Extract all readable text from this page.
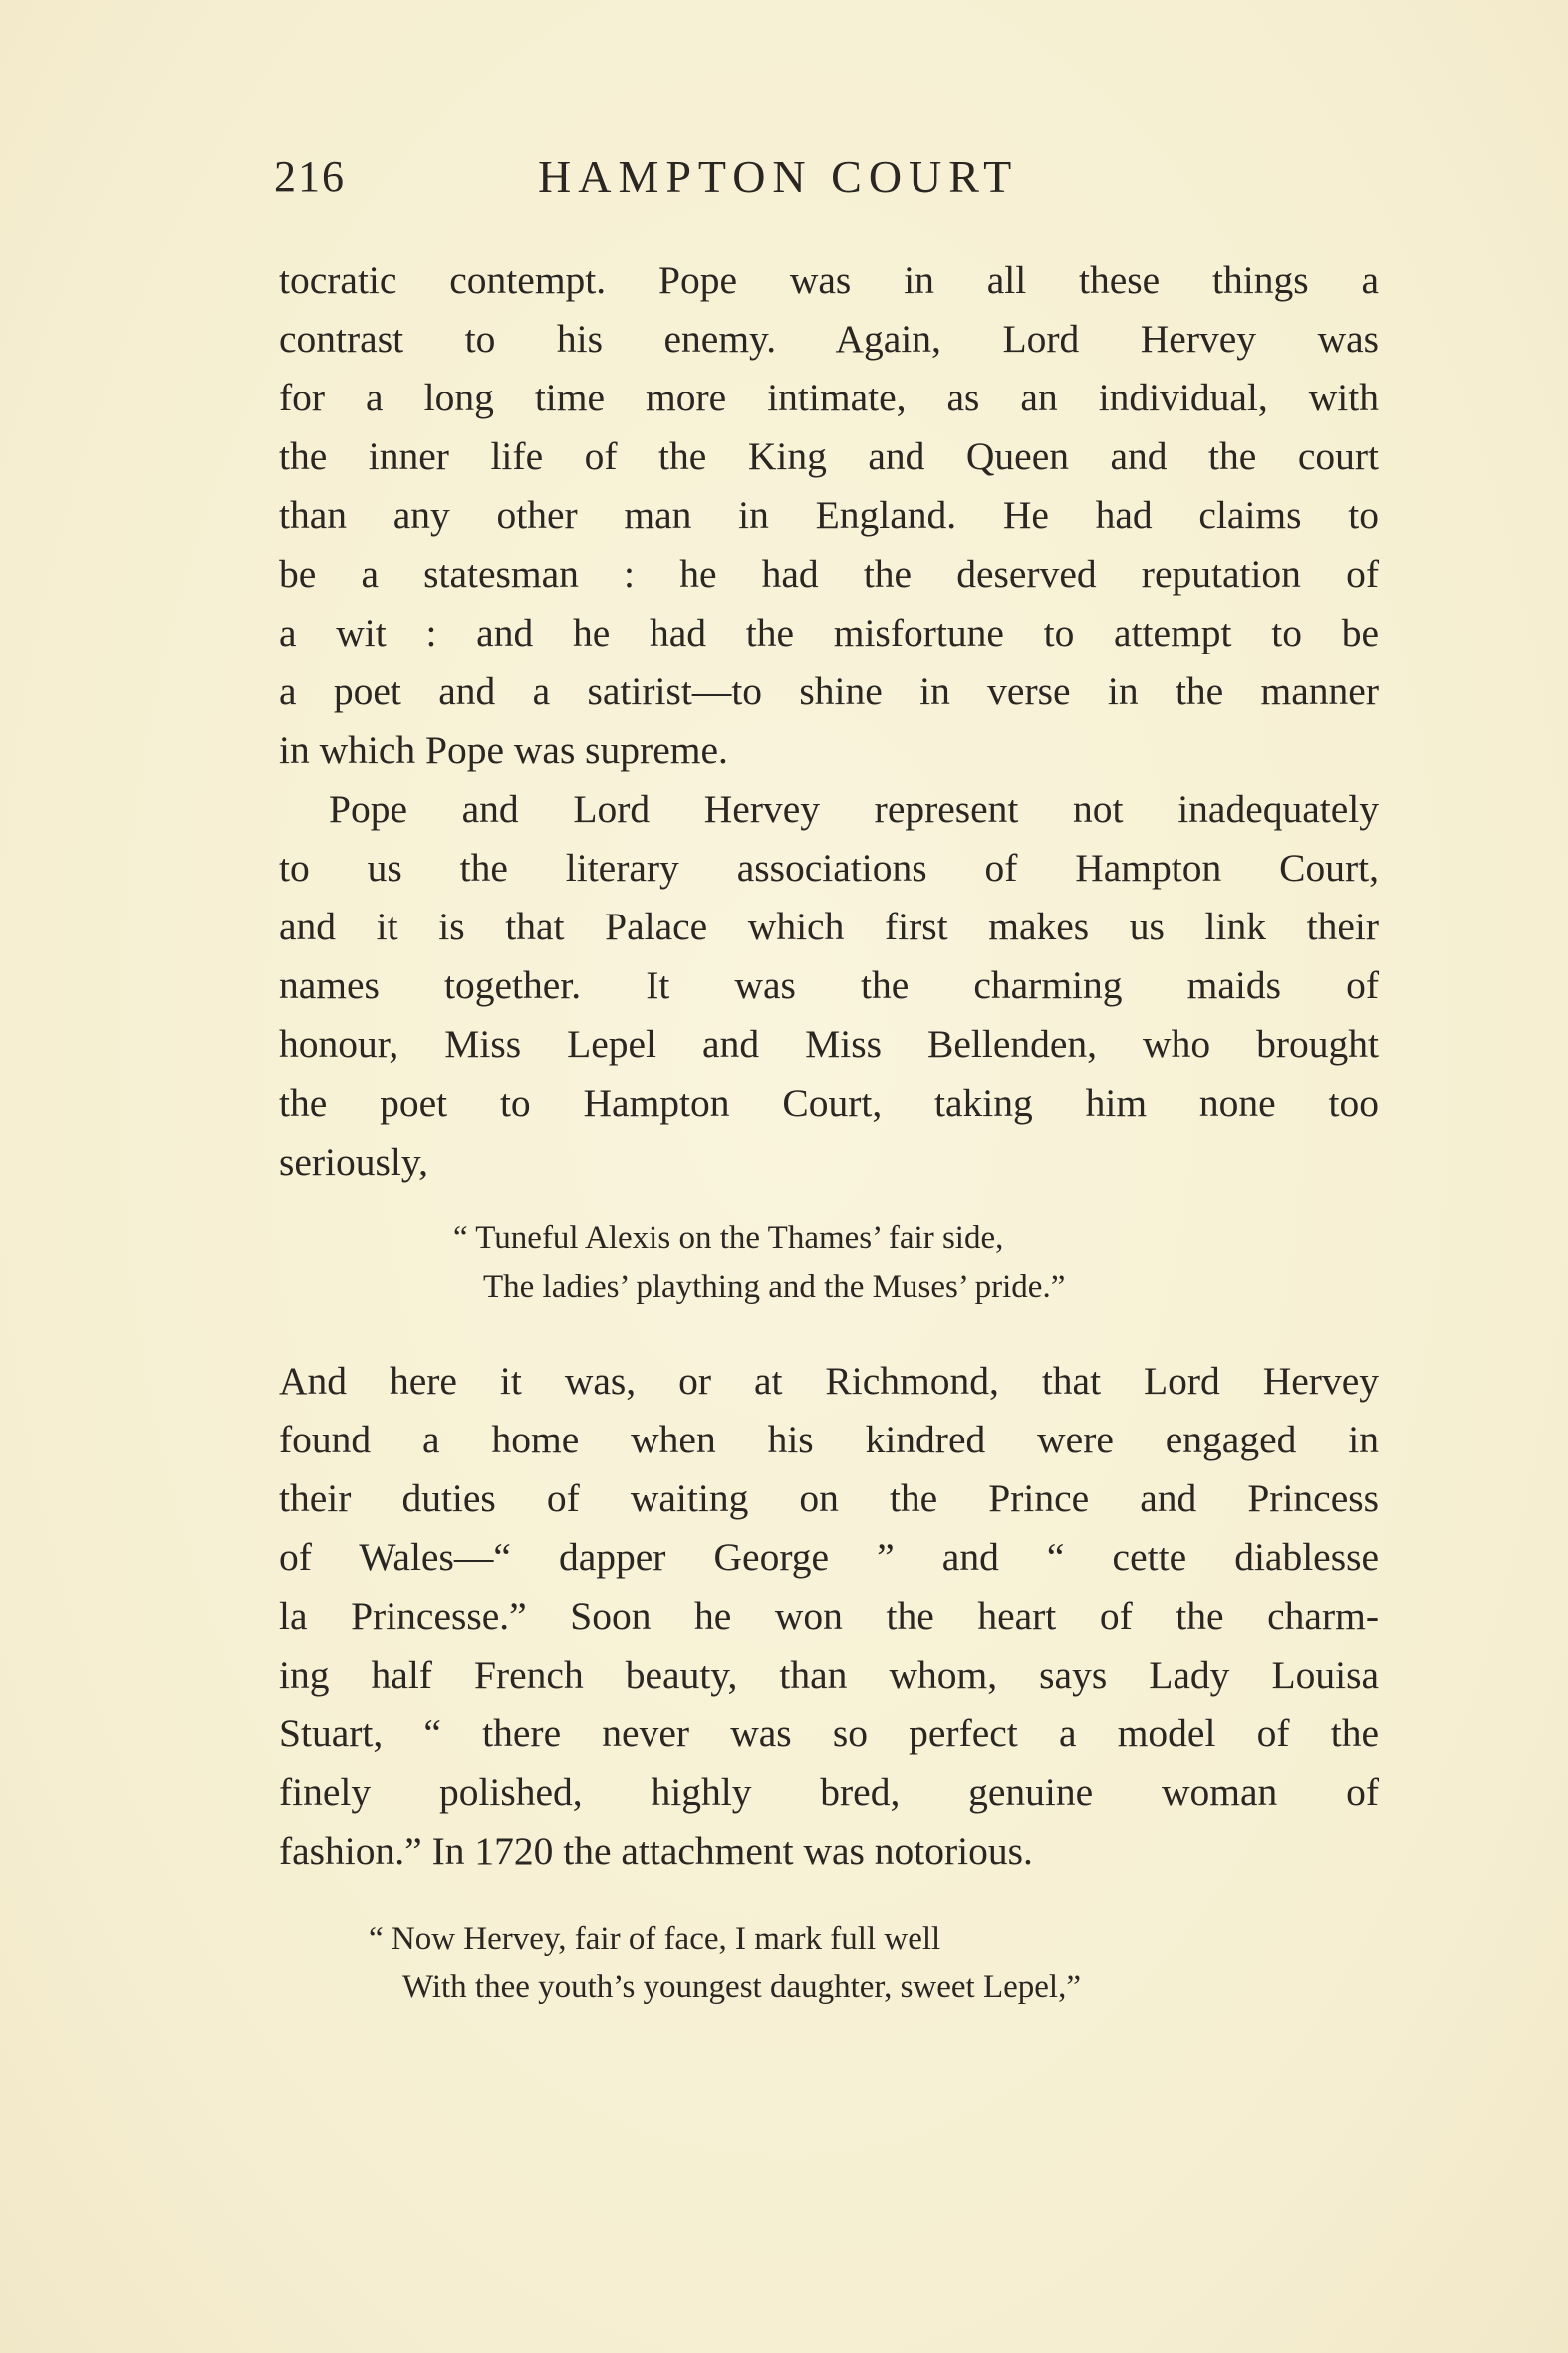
216	HAMPTON COURT
tocratic contempt. Pope was in all these things a
contrast to his enemy. Again, Lord Hervey was
for a long time more intimate, as an individual, with
the inner life of the King and Queen and the court
than any other man in England. He had claims to
be a statesman : he had the deserved reputation of
a wit : and he had the misfortune to attempt to be
a poet and a satirist—to shine in verse in the manner
in which Pope was supreme.
Pope and Lord Hervey represent not inadequately
to us the literary associations of Hampton Court,
and it is that Palace which first makes us link their
names together. It was the charming maids of
honour, Miss Lepel and Miss Bellenden, who brought
the poet to Hampton Court, taking him none too
seriously,
“ Tuneful Alexis on the Thames’ fair side,
The ladies’ plaything and the Muses’ pride.”
And here it was, or at Richmond, that Lord Hervey
found a home when his kindred were engaged in
their duties of waiting on the Prince and Princess
of Wales—“ dapper George ” and “ cette diablesse
la Princesse.” Soon he won the heart of the charm-
ing half French beauty, than whom, says Lady Louisa
Stuart, “ there never was so perfect a model of the
finely polished, highly bred, genuine woman of
fashion.” In 1720 the attachment was notorious.
“ Now Hervey, fair of face, I mark full well
With thee youth’s youngest daughter, sweet Lepel,”
